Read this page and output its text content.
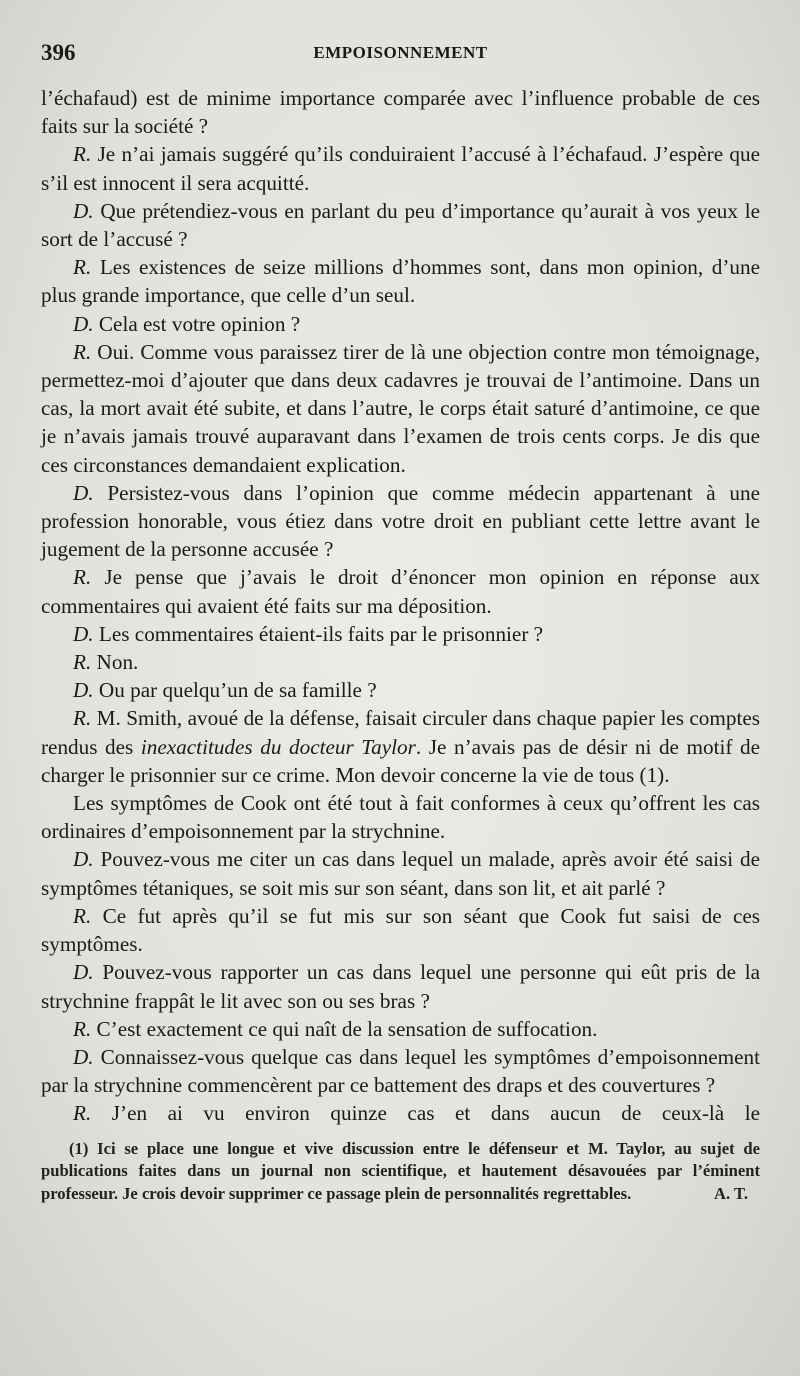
396	EMPOISONNEMENT

l’échafaud) est de minime importance comparée avec l’influence probable de ces faits sur la société ?

R. Je n’ai jamais suggéré qu’ils conduiraient l’accusé à l’échafaud. J’espère que s’il est innocent il sera acquitté.

D. Que prétendiez-vous en parlant du peu d’importance qu’aurait à vos yeux le sort de l’accusé ?

R. Les existences de seize millions d’hommes sont, dans mon opinion, d’une plus grande importance, que celle d’un seul.

D. Cela est votre opinion ?

R. Oui. Comme vous paraissez tirer de là une objection contre mon témoignage, permettez-moi d’ajouter que dans deux cadavres je trouvai de l’antimoine. Dans un cas, la mort avait été subite, et dans l’autre, le corps était saturé d’antimoine, ce que je n’avais jamais trouvé auparavant dans l’examen de trois cents corps. Je dis que ces circonstances demandaient explication.

D. Persistez-vous dans l’opinion que comme médecin appartenant à une profession honorable, vous étiez dans votre droit en publiant cette lettre avant le jugement de la personne accusée ?

R. Je pense que j’avais le droit d’énoncer mon opinion en réponse aux commentaires qui avaient été faits sur ma déposition.

D. Les commentaires étaient-ils faits par le prisonnier ?

R. Non.

D. Ou par quelqu’un de sa famille ?

R. M. Smith, avoué de la défense, faisait circuler dans chaque papier les comptes rendus des inexactitudes du docteur Taylor. Je n’avais pas de désir ni de motif de charger le prisonnier sur ce crime. Mon devoir concerne la vie de tous (1).

Les symptômes de Cook ont été tout à fait conformes à ceux qu’offrent les cas ordinaires d’empoisonnement par la strychnine.

D. Pouvez-vous me citer un cas dans lequel un malade, après avoir été saisi de symptômes tétaniques, se soit mis sur son séant, dans son lit, et ait parlé ?

R. Ce fut après qu’il se fut mis sur son séant que Cook fut saisi de ces symptômes.

D. Pouvez-vous rapporter un cas dans lequel une personne qui eût pris de la strychnine frappât le lit avec son ou ses bras ?

R. C’est exactement ce qui naît de la sensation de suffocation.

D. Connaissez-vous quelque cas dans lequel les symptômes d’empoisonnement par la strychnine commencèrent par ce battement des draps et des couvertures ?

R. J’en ai vu environ quinze cas et dans aucun de ceux-là le

(1) Ici se place une longue et vive discussion entre le défenseur et M. Taylor, au sujet de publications faites dans un journal non scientifique, et hautement désavouées par l’éminent professeur. Je crois devoir supprimer ce passage plein de personnalités regrettables.	A. T.
